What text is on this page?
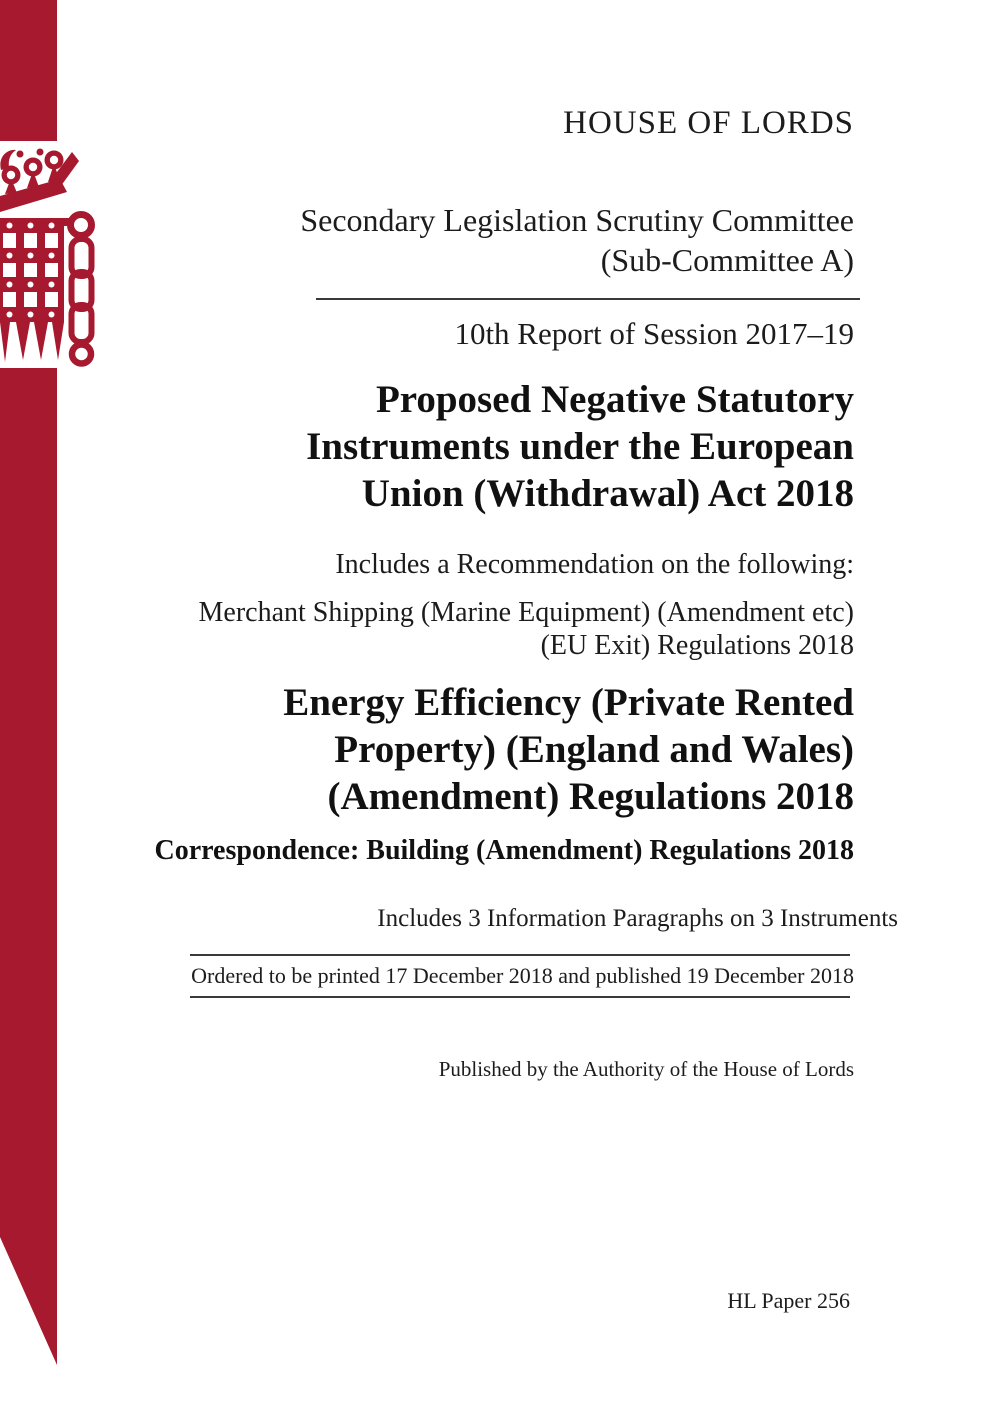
HOUSE OF LORDS
Secondary Legislation Scrutiny Committee
(Sub-Committee A)
10th Report of Session 2017–19
Proposed Negative Statutory
Instruments under the European
Union (Withdrawal) Act 2018
Includes a Recommendation on the following:
Merchant Shipping (Marine Equipment) (Amendment etc)
(EU Exit) Regulations 2018
Energy Efficiency (Private Rented
Property) (England and Wales)
(Amendment) Regulations 2018
Correspondence: Building (Amendment) Regulations 2018
Includes 3 Information Paragraphs on 3 Instruments
Ordered to be printed 17 December 2018 and published 19 December 2018
Published by the Authority of the House of Lords
HL Paper 256
